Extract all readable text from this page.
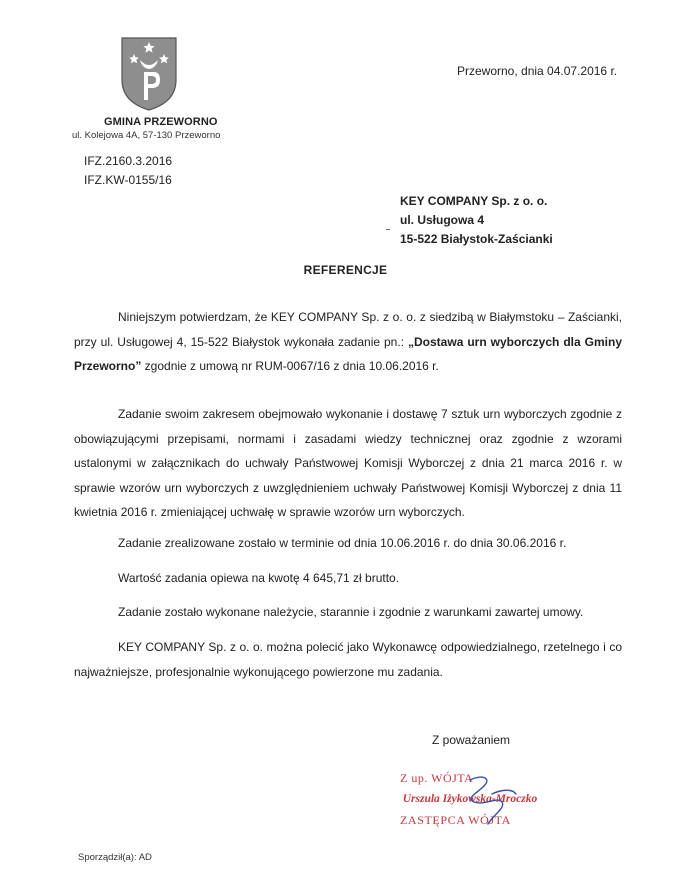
GMINA PRZEWORNO
ul. Kolejowa 4A, 57-130 Przeworno
IFZ.2160.3.2016
IFZ.KW-0155/16
Przeworno, dnia 04.07.2016 r.
KEY COMPANY Sp. z o. o.
ul. Usługowa 4
15-522 Białystok-Zaścianki
REFERENCJE

Niniejszym potwierdzam, że KEY COMPANY Sp. z o. o. z siedzibą w Białymstoku – Zaścianki, przy ul. Usługowej 4, 15-522 Białystok wykonała zadanie pn.: „Dostawa urn wyborczych dla Gminy Przeworno” zgodnie z umową nr RUM-0067/16 z dnia 10.06.2016 r.

Zadanie swoim zakresem obejmowało wykonanie i dostawę 7 sztuk urn wyborczych zgodnie z obowiązującymi przepisami, normami i zasadami wiedzy technicznej oraz zgodnie z wzorami ustalonymi w załącznikach do uchwały Państwowej Komisji Wyborczej z dnia 21 marca 2016 r. w sprawie wzorów urn wyborczych z uwzględnieniem uchwały Państwowej Komisji Wyborczej z dnia 11 kwietnia 2016 r. zmieniającej uchwałę w sprawie wzorów urn wyborczych.

Zadanie zrealizowane zostało w terminie od dnia 10.06.2016 r. do dnia 30.06.2016 r.
Wartość zadania opiewa na kwotę 4 645,71 zł brutto.
Zadanie zostało wykonane należycie, starannie i zgodnie z warunkami zawartej umowy.

KEY COMPANY Sp. z o. o. można polecić jako Wykonawcę odpowiedzialnego, rzetelnego i co najważniejsze, profesjonalnie wykonującego powierzone mu zadania.

Z poważaniem
Z up. WÓJTA
Urszula Iżykowska-Mroczko
ZASTĘPCA WÓJTA
Sporządził(a): AD
